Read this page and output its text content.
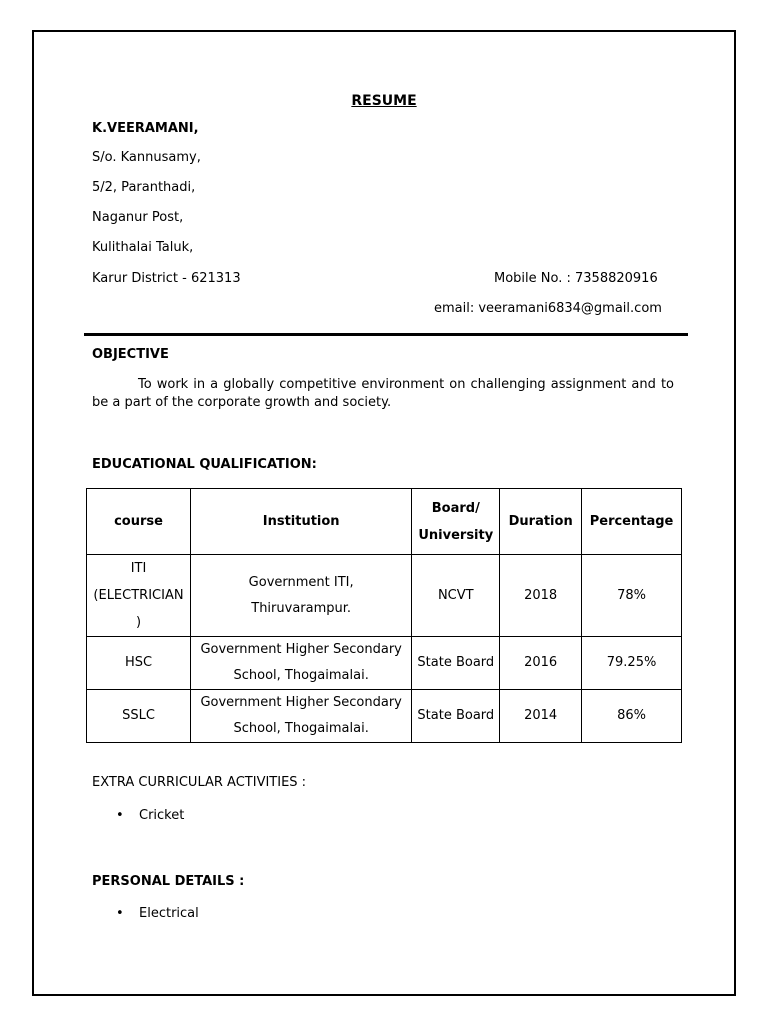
RESUME
K.VEERAMANI,
S/o. Kannusamy,
5/2, Paranthadi,
Naganur Post,
Kulithalai Taluk,
Karur District - 621313	Mobile No. : 7358820916
email: veeramani6834@gmail.com
OBJECTIVE
To work in a globally competitive environment on challenging assignment and to be a part of the corporate growth and society.
EDUCATIONAL QUALIFICATION:
course	Institution	Board/ University	Duration	Percentage
ITI (ELECTRICIAN )	Government ITI, Thiruvarampur.	NCVT	2018	78%
HSC	Government Higher Secondary School, Thogaimalai.	State Board	2016	79.25%
SSLC	Government Higher Secondary School, Thogaimalai.	State Board	2014	86%
EXTRA CURRICULAR ACTIVITIES :
• Cricket
PERSONAL DETAILS :
• Electrical
